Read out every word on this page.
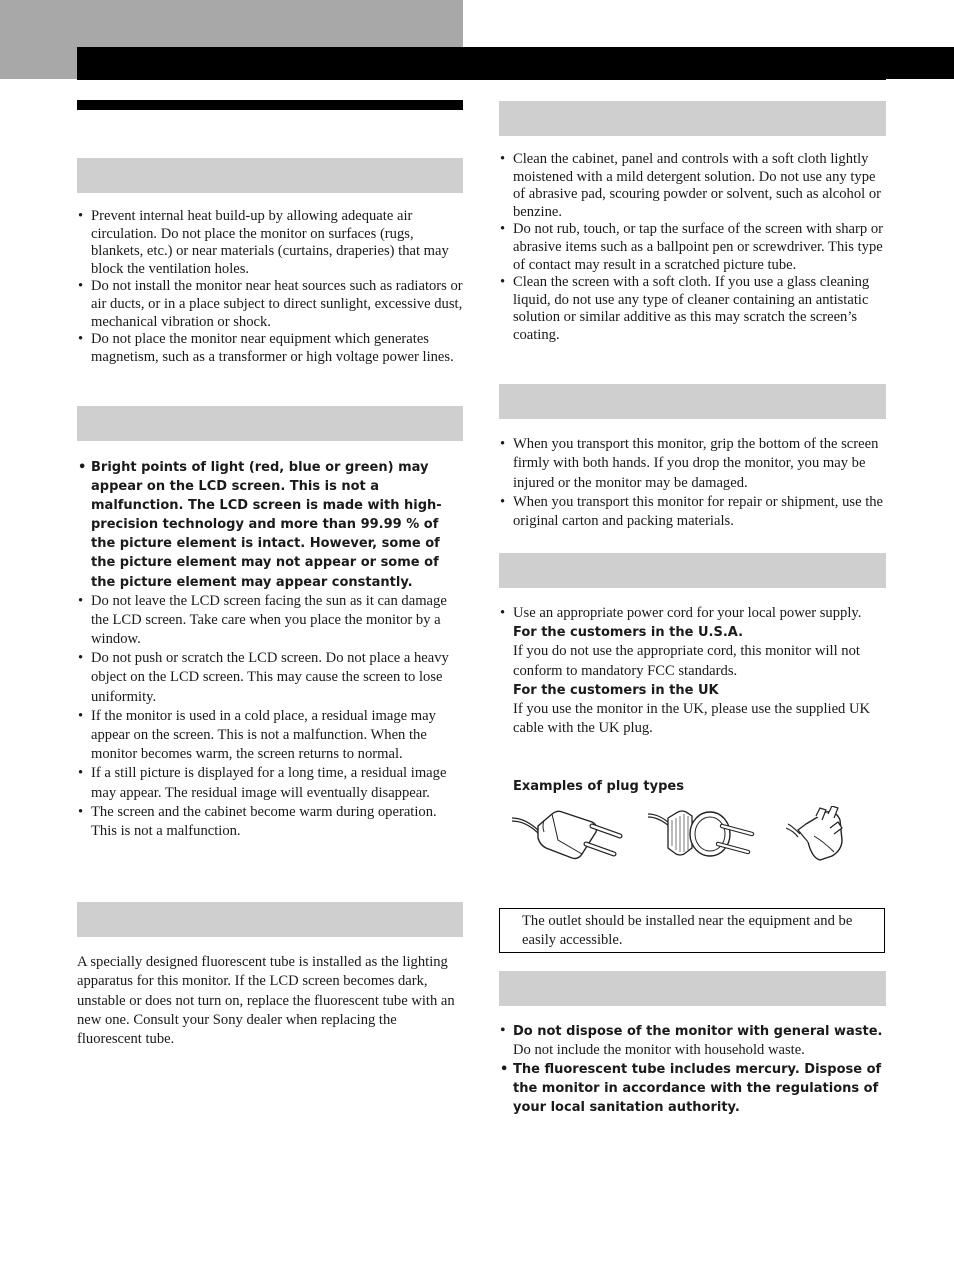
• Prevent internal heat build-up by allowing adequate air circulation. Do not place the monitor on surfaces (rugs, blankets, etc.) or near materials (curtains, draperies) that may block the ventilation holes.
• Do not install the monitor near heat sources such as radiators or air ducts, or in a place subject to direct sunlight, excessive dust, mechanical vibration or shock.
• Do not place the monitor near equipment which generates magnetism, such as a transformer or high voltage power lines.
• Bright points of light (red, blue or green) may appear on the LCD screen. This is not a malfunction. The LCD screen is made with high-precision technology and more than 99.99 % of the picture element is intact. However, some of the picture element may not appear or some of the picture element may appear constantly.
• Do not leave the LCD screen facing the sun as it can damage the LCD screen. Take care when you place the monitor by a window.
• Do not push or scratch the LCD screen. Do not place a heavy object on the LCD screen. This may cause the screen to lose uniformity.
• If the monitor is used in a cold place, a residual image may appear on the screen. This is not a malfunction. When the monitor becomes warm, the screen returns to normal.
• If a still picture is displayed for a long time, a residual image may appear. The residual image will eventually disappear.
• The screen and the cabinet become warm during operation. This is not a malfunction.

A specially designed fluorescent tube is installed as the lighting apparatus for this monitor. If the LCD screen becomes dark, unstable or does not turn on, replace the fluorescent tube with an new one. Consult your Sony dealer when replacing the fluorescent tube.

• Clean the cabinet, panel and controls with a soft cloth lightly moistened with a mild detergent solution. Do not use any type of abrasive pad, scouring powder or solvent, such as alcohol or benzine.
• Do not rub, touch, or tap the surface of the screen with sharp or abrasive items such as a ballpoint pen or screwdriver. This type of contact may result in a scratched picture tube.
• Clean the screen with a soft cloth. If you use a glass cleaning liquid, do not use any type of cleaner containing an antistatic solution or similar additive as this may scratch the screen’s coating.
• When you transport this monitor, grip the bottom of the screen firmly with both hands. If you drop the monitor, you may be injured or the monitor may be damaged.
• When you transport this monitor for repair or shipment, use the original carton and packing materials.
• Use an appropriate power cord for your local power supply.
For the customers in the U.S.A.
If you do not use the appropriate cord, this monitor will not conform to mandatory FCC standards.
For the customers in the UK
If you use the monitor in the UK, please use the supplied UK cable with the UK plug.
Examples of plug types
The outlet should be installed near the equipment and be easily accessible.
• Do not dispose of the monitor with general waste.
Do not include the monitor with household waste.
• The fluorescent tube includes mercury. Dispose of the monitor in accordance with the regulations of your local sanitation authority.
